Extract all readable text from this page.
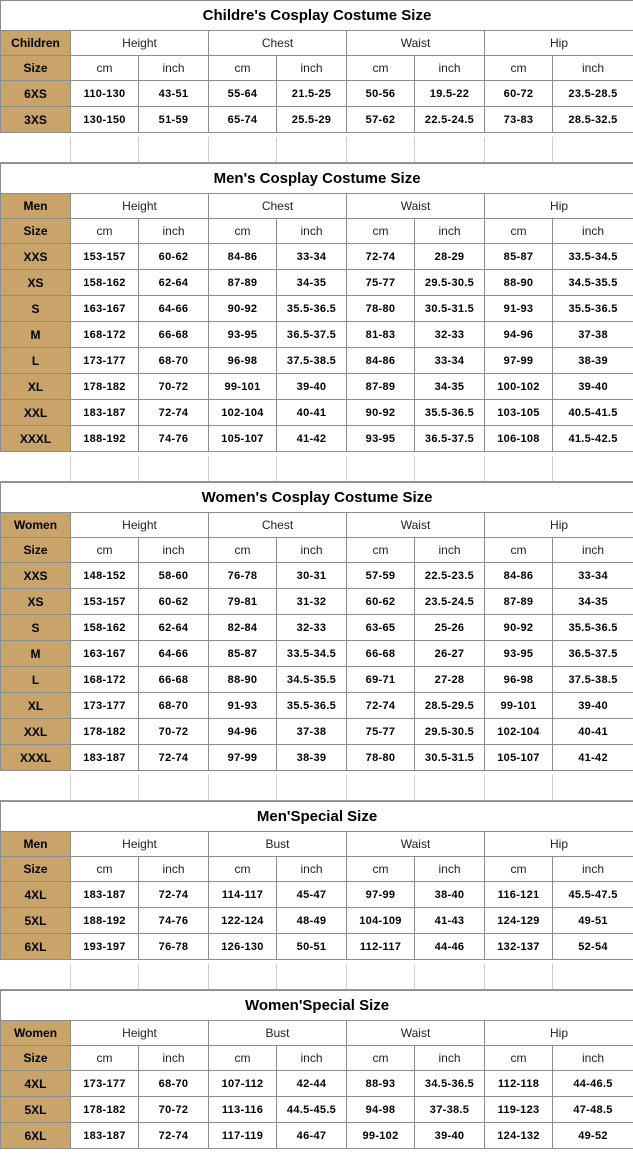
Childre's Cosplay Costume Size								
Children	Height		Chest		Waist		Hip	
Size	cm	inch	cm	inch	cm	inch	cm	inch
6XS	110-130	43-51	55-64	21.5-25	50-56	19.5-22	60-72	23.5-28.5
3XS	130-150	51-59	65-74	25.5-29	57-62	22.5-24.5	73-83	28.5-32.5
Men's Cosplay Costume Size								
Men	Height		Chest		Waist		Hip	
Size	cm	inch	cm	inch	cm	inch	cm	inch
XXS	153-157	60-62	84-86	33-34	72-74	28-29	85-87	33.5-34.5
XS	158-162	62-64	87-89	34-35	75-77	29.5-30.5	88-90	34.5-35.5
S	163-167	64-66	90-92	35.5-36.5	78-80	30.5-31.5	91-93	35.5-36.5
M	168-172	66-68	93-95	36.5-37.5	81-83	32-33	94-96	37-38
L	173-177	68-70	96-98	37.5-38.5	84-86	33-34	97-99	38-39
XL	178-182	70-72	99-101	39-40	87-89	34-35	100-102	39-40
XXL	183-187	72-74	102-104	40-41	90-92	35.5-36.5	103-105	40.5-41.5
XXXL	188-192	74-76	105-107	41-42	93-95	36.5-37.5	106-108	41.5-42.5
Women's Cosplay Costume Size								
Women	Height		Chest		Waist		Hip	
Size	cm	inch	cm	inch	cm	inch	cm	inch
XXS	148-152	58-60	76-78	30-31	57-59	22.5-23.5	84-86	33-34
XS	153-157	60-62	79-81	31-32	60-62	23.5-24.5	87-89	34-35
S	158-162	62-64	82-84	32-33	63-65	25-26	90-92	35.5-36.5
M	163-167	64-66	85-87	33.5-34.5	66-68	26-27	93-95	36.5-37.5
L	168-172	66-68	88-90	34.5-35.5	69-71	27-28	96-98	37.5-38.5
XL	173-177	68-70	91-93	35.5-36.5	72-74	28.5-29.5	99-101	39-40
XXL	178-182	70-72	94-96	37-38	75-77	29.5-30.5	102-104	40-41
XXXL	183-187	72-74	97-99	38-39	78-80	30.5-31.5	105-107	41-42
Men'Special Size								
Men	Height		Bust		Waist		Hip	
Size	cm	inch	cm	inch	cm	inch	cm	inch
4XL	183-187	72-74	114-117	45-47	97-99	38-40	116-121	45.5-47.5
5XL	188-192	74-76	122-124	48-49	104-109	41-43	124-129	49-51
6XL	193-197	76-78	126-130	50-51	112-117	44-46	132-137	52-54
Women'Special Size								
Women	Height		Bust		Waist		Hip	
Size	cm	inch	cm	inch	cm	inch	cm	inch
4XL	173-177	68-70	107-112	42-44	88-93	34.5-36.5	112-118	44-46.5
5XL	178-182	70-72	113-116	44.5-45.5	94-98	37-38.5	119-123	47-48.5
6XL	183-187	72-74	117-119	46-47	99-102	39-40	124-132	49-52
